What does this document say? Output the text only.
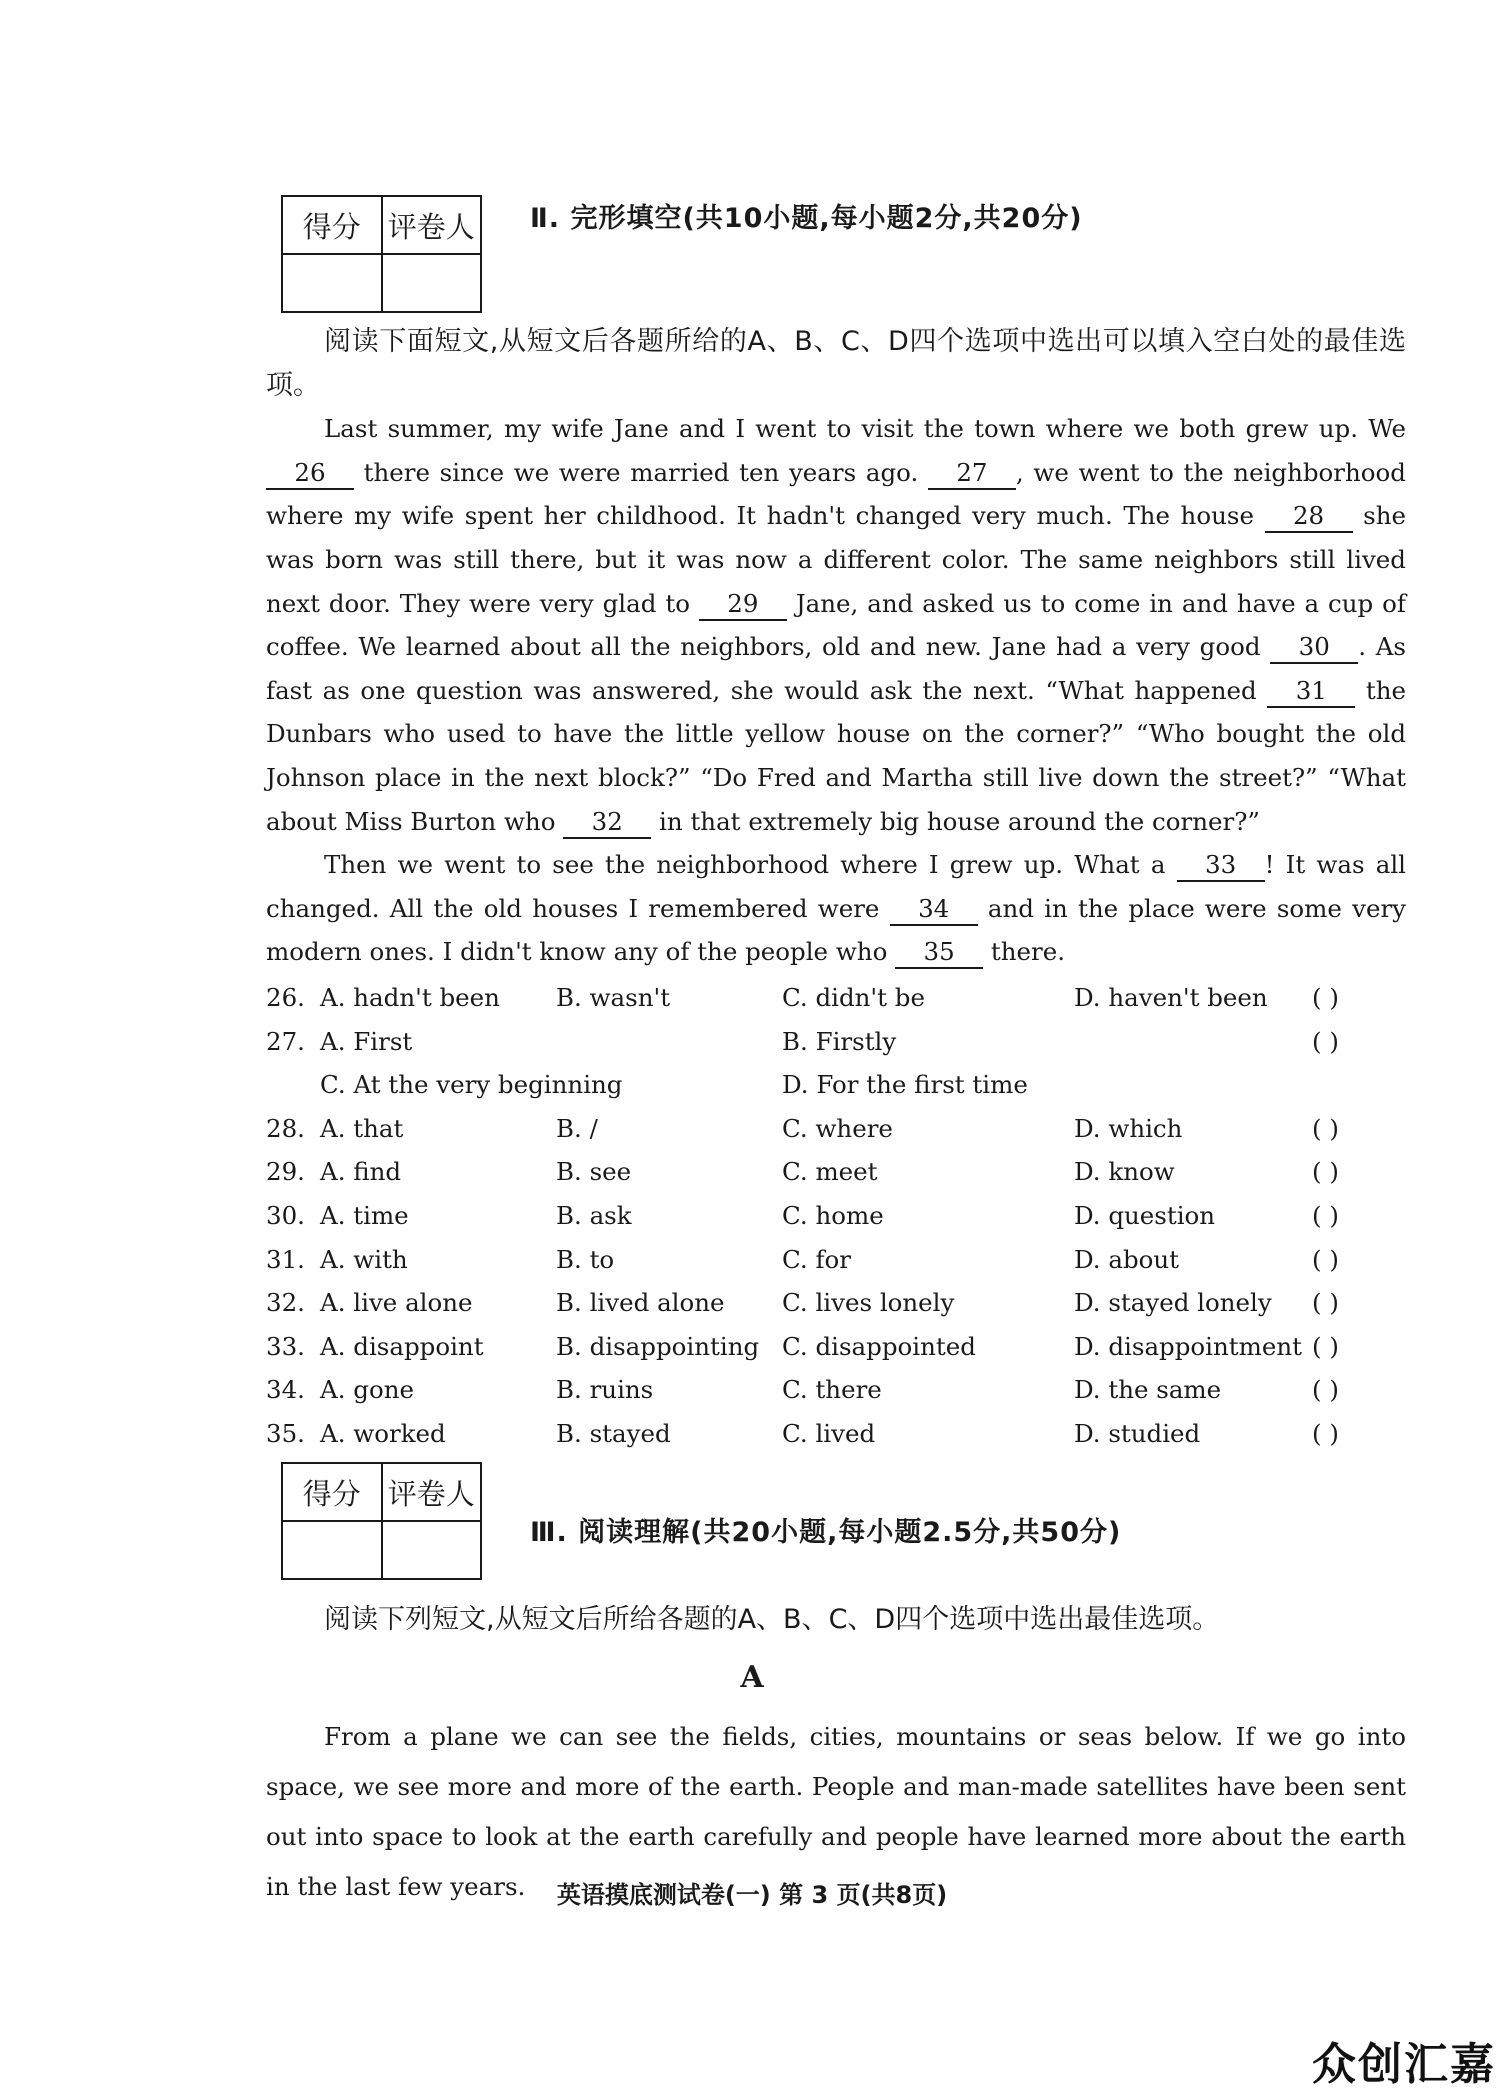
得分	评卷人
	Ⅱ. 完形填空(共10小题,每小题2分,共20分)

阅读下面短文,从短文后各题所给的A、B、C、D四个选项中选出可以填入空白处的最佳选项。

Last summer, my wife Jane and I went to visit the town where we both grew up. We 26 there since we were married ten years ago. 27 , we went to the neighborhood where my wife spent her childhood. It hadn't changed very much. The house 28 she was born was still there, but it was now a different color. The same neighbors still lived next door. They were very glad to 29 Jane, and asked us to come in and have a cup of coffee. We learned about all the neighbors, old and new. Jane had a very good 30 . As fast as one question was answered, she would ask the next. “What happened 31 the Dunbars who used to have the little yellow house on the corner?” “Who bought the old Johnson place in the next block?” “Do Fred and Martha still live down the street?” “What about Miss Burton who 32 in that extremely big house around the corner?”

Then we went to see the neighborhood where I grew up. What a 33 ! It was all changed. All the old houses I remembered were 34 and in the place were some very modern ones. I didn't know any of the people who 35 there.

26. A. hadn't been B. wasn't	C. didn't be	D. haven't been ( )
27. A. First	B. Firstly	( )
C. At the very beginning	D. For the first time
28. A. that	B. /	C. where	D. which	( )
29. A. find	B. see	C. meet	D. know	( )
30. A. time	B. ask	C. home	D. question	( )
31. A. with	B. to	C. for	D. about	( )
32. A. live alone	B. lived alone C. lives lonely	D. stayed lonely ( )
33. A. disappoint	B. disappointing C. disappointed	D. disappointment ( )
34. A. gone	B. ruins	C. there	D. the same	( )
35. A. worked	B. stayed	C. lived	D. studied	( )
得分	评卷人

Ⅲ. 阅读理解(共20小题,每小题2.5分,共50分)

阅读下列短文,从短文后所给各题的A、B、C、D四个选项中选出最佳选项。

A

From a plane we can see the fields, cities, mountains or seas below. If we go into space, we see more and more of the earth. People and man-made satellites have been sent out into space to look at the earth carefully and people have learned more about the earth in the last few years.	英语摸底测试卷(一) 第 3 页(共8页)
众创汇嘉
